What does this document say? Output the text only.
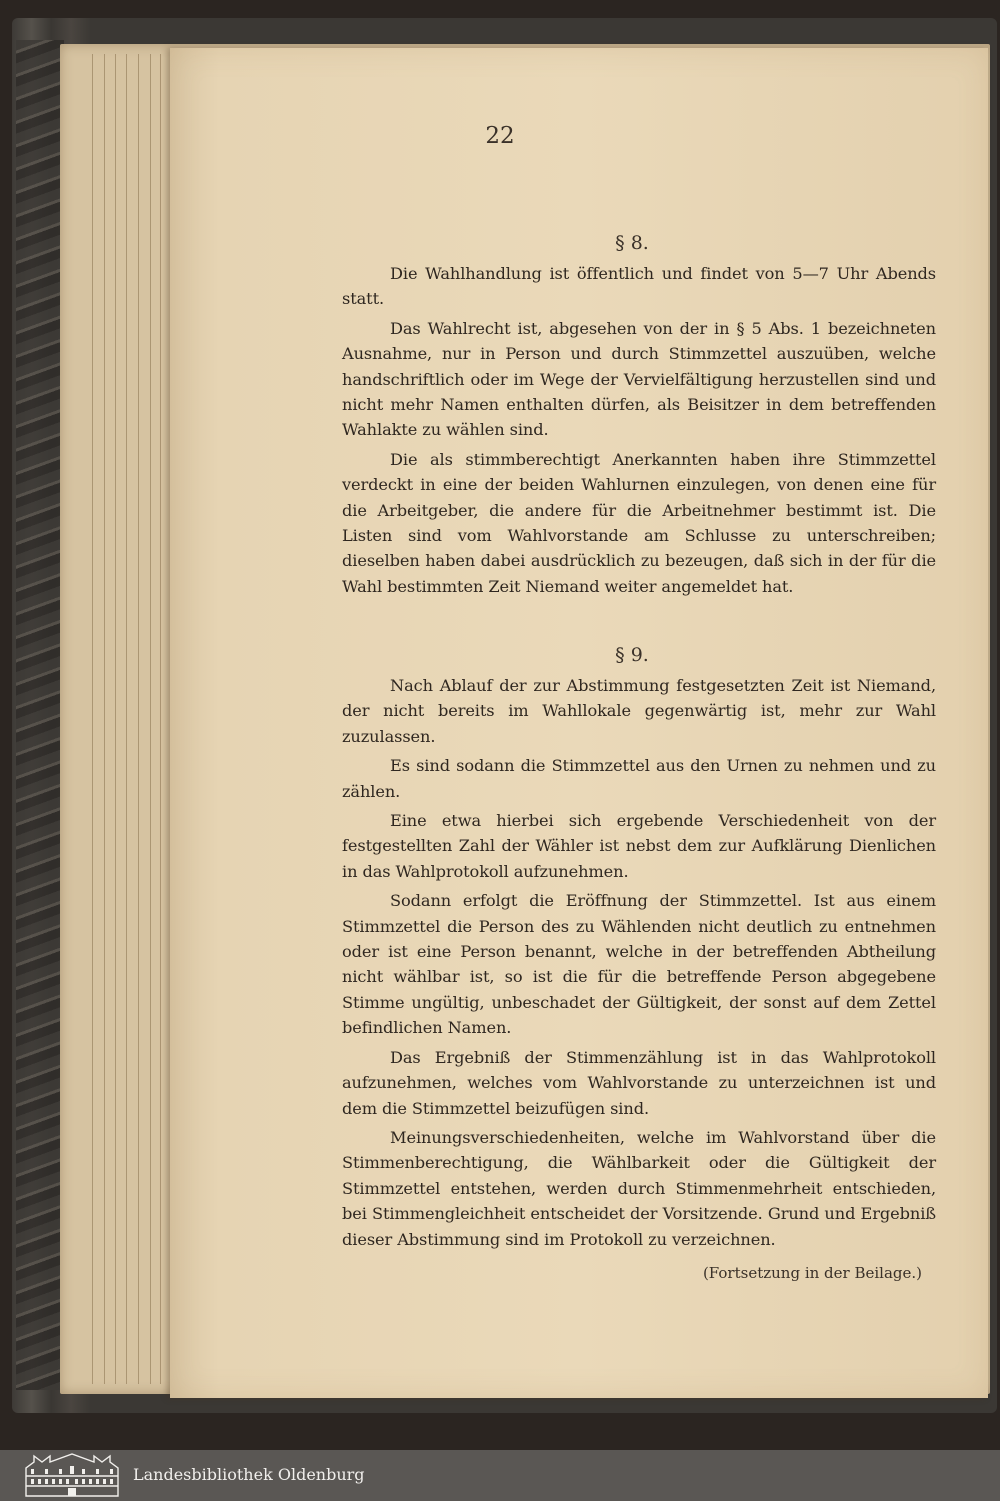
22
§ 8.

Die Wahlhandlung ist öffentlich und findet von 5—7 Uhr Abends statt.

Das Wahlrecht ist, abgesehen von der in § 5 Abs. 1 bezeichneten Ausnahme, nur in Person und durch Stimmzettel auszuüben, welche handschriftlich oder im Wege der Vervielfältigung herzustellen sind und nicht mehr Namen enthalten dürfen, als Beisitzer in dem betreffenden Wahlakte zu wählen sind.

Die als stimmberechtigt Anerkannten haben ihre Stimmzettel verdeckt in eine der beiden Wahlurnen einzulegen, von denen eine für die Arbeitgeber, die andere für die Arbeitnehmer bestimmt ist. Die Listen sind vom Wahlvorstande am Schlusse zu unterschreiben; dieselben haben dabei ausdrücklich zu bezeugen, daß sich in der für die Wahl bestimmten Zeit Niemand weiter angemeldet hat.

§ 9.

Nach Ablauf der zur Abstimmung festgesetzten Zeit ist Niemand, der nicht bereits im Wahllokale gegenwärtig ist, mehr zur Wahl zuzulassen.

Es sind sodann die Stimmzettel aus den Urnen zu nehmen und zu zählen.

Eine etwa hierbei sich ergebende Verschiedenheit von der festgestellten Zahl der Wähler ist nebst dem zur Aufklärung Dienlichen in das Wahlprotokoll aufzunehmen.

Sodann erfolgt die Eröffnung der Stimmzettel. Ist aus einem Stimmzettel die Person des zu Wählenden nicht deutlich zu entnehmen oder ist eine Person benannt, welche in der betreffenden Abtheilung nicht wählbar ist, so ist die für die betreffende Person abgegebene Stimme ungültig, unbeschadet der Gültigkeit, der sonst auf dem Zettel befindlichen Namen.

Das Ergebniß der Stimmenzählung ist in das Wahlprotokoll aufzunehmen, welches vom Wahlvorstande zu unterzeichnen ist und dem die Stimmzettel beizufügen sind.

Meinungsverschiedenheiten, welche im Wahlvorstand über die Stimmenberechtigung, die Wählbarkeit oder die Gültigkeit der Stimmzettel entstehen, werden durch Stimmenmehrheit entschieden, bei Stimmengleichheit entscheidet der Vorsitzende. Grund und Ergebniß dieser Abstimmung sind im Protokoll zu verzeichnen.

(Fortsetzung in der Beilage.)
Landesbibliothek Oldenburg
